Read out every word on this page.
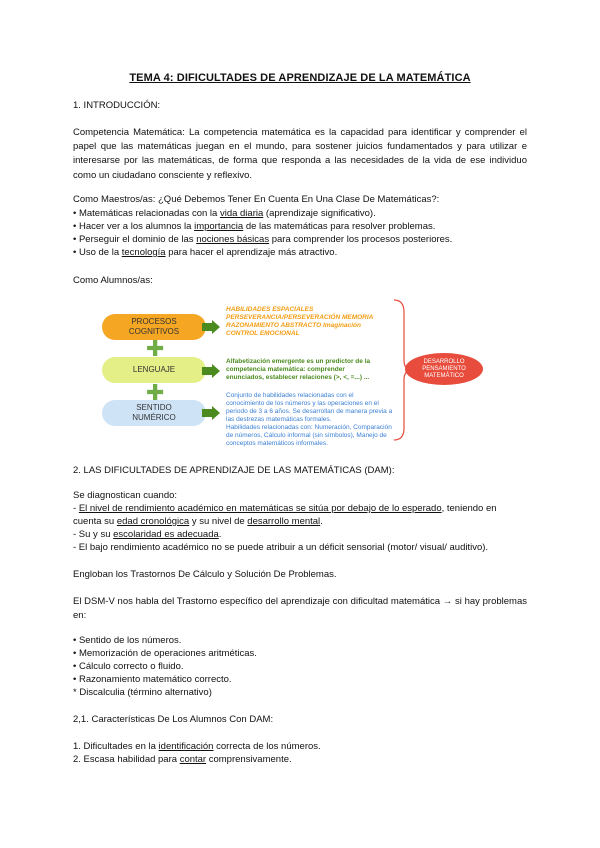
TEMA 4: DIFICULTADES DE APRENDIZAJE DE LA MATEMÁTICA
1. INTRODUCCIÓN:
Competencia Matemática: La competencia matemática es la capacidad para identificar y comprender el papel que las matemáticas juegan en el mundo, para sostener juicios fundamentados y para utilizar e interesarse por las matemáticas, de forma que responda a las necesidades de la vida de ese individuo como un ciudadano consciente y reflexivo.
Como Maestros/as: ¿Qué Debemos Tener En Cuenta En Una Clase De Matemáticas?:
• Matemáticas relacionadas con la vida diaria (aprendizaje significativo).
• Hacer ver a los alumnos la importancia de las matemáticas para resolver problemas.
• Perseguir el dominio de las nociones básicas para comprender los procesos posteriores.
• Uso de la tecnología para hacer el aprendizaje más atractivo.
Como Alumnos/as:
PROCESOS COGNITIVOS
LENGUAJE
SENTIDO NUMÉRICO
✚
✚
HABILIDADES ESPACIALES
PERSEVERANCIA/PERSEVERACIÓN MEMORIA
RAZONAMIENTO ABSTRACTO Imaginación
CONTROL EMOCIONAL
Alfabetización emergente es un predictor de la
competencia matemática: comprender
enunciados, establecer relaciones (>, <, =...) ...
Conjunto de habilidades relacionadas con el
conocimiento de los números y las operaciones en el
periodo de 3 a 6 años. Se desarrollan de manera previa a
las destrezas matemáticas formales.
Habilidades relacionadas con: Numeración, Comparación
de números, Cálculo informal (sin símbolos), Manejo de
conceptos matemáticos informales.
DESARROLLO
PENSAMIENTO
MATEMÁTICO
2. LAS DIFICULTADES DE APRENDIZAJE DE LAS MATEMÁTICAS (DAM):
Se diagnostican cuando:
- El nivel de rendimiento académico en matemáticas se sitúa por debajo de lo esperado, teniendo en
cuenta su edad cronológica y su nivel de desarrollo mental.
- Su y su escolaridad es adecuada.
- El bajo rendimiento académico no se puede atribuir a un déficit sensorial (motor/ visual/ auditivo).
Engloban los Trastornos De Cálculo y Solución De Problemas.
El DSM-V nos habla del Trastorno específico del aprendizaje con dificultad matemática → si hay problemas en:
• Sentido de los números.
• Memorización de operaciones aritméticas.
• Cálculo correcto o fluido.
• Razonamiento matemático correcto.
* Discalculia (término alternativo)
2,1. Características De Los Alumnos Con DAM:
1. Dificultades en la identificación correcta de los números.
2. Escasa habilidad para contar comprensivamente.
